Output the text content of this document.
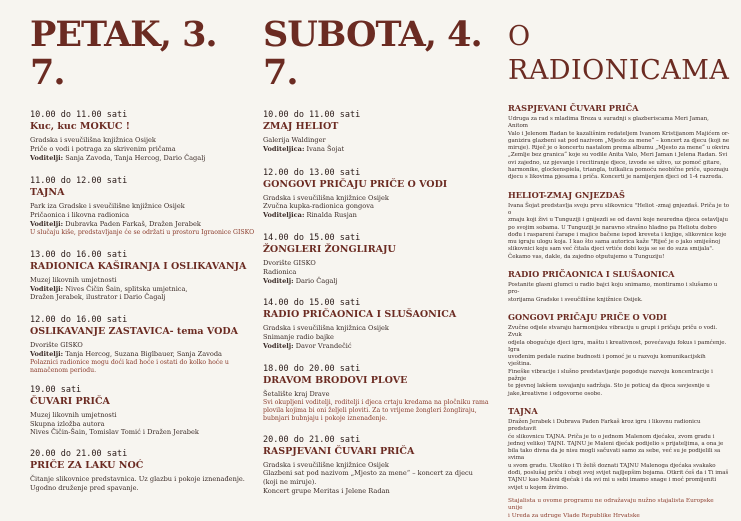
PETAK, 3. 7.

10.00 do 11.00 sati

Kuc, kuc MOKUC !

Gradska i sveučilišna knjižnica Osijek

Priče o vodi i potraga za skrivenim pričama

Voditelji: Sanja Zavoda, Tanja Hercog, Dario Čagalj

11.00 do 12.00 sati

TAJNA

Park iza Gradske i sveučilišne knjižnice Osijek

Pričaonica i likovna radionica

Voditelji: Dubravka Paden Farkaš, Dražen Jerabek

U slučaju kiše, predstavljanje će se održati u prostoru Igraonice GISKO

13.00 do 16.00 sati

RADIONICA KAŠIRANJA I OSLIKAVANJA

Muzej likovnih umjetnosti

Voditelji: Nives Čičin Šain, splitska umjetnica,

Dražen Jerabek, ilustrator i Dario Čagalj

12.00 do 16.00 sati

OSLIKAVANJE ZASTAVICA- tema VODA

Dvorište GISKO

Voditelji: Tanja Hercog, Suzana Biglbauer, Sanja Zavoda

Polaznici radionice mogu doći kad hoće i ostati do kolko hoće u namačenom periodu.

19.00 sati

ČUVARI PRIČA

Muzej likovnih umjetnosti

Skupna izložba autora

Nives Čičin-Šain, Tomislav Tomić i Dražen Jerabek

20.00 do 21.00 sati

PRIČE ZA LAKU NOĆ

Čitanje slikovnice predstavnica. Uz glazbu i pokoje iznenađenje.

Ugodno druženje pred spavanje.

SUBOTA, 4. 7.

10.00 do 11.00 sati

ZMAJ HELIOT

Galerija Waldinger

Voditeljica: Ivana Šojat

12.00 do 13.00 sati

GONGOVI PRIČAJU PRIČE O VODI

Gradska i sveučilišna knjižnice Osijek

Zvučna kupka-radionica gongova

Voditeljica: Rinalda Rusjan

14.00 do 15.00 sati

ŽONGLERI ŽONGLIRAJU

Dvorište GISKO

Radionica

Voditelj: Dario Čagalj

14.00 do 15.00 sati

RADIO PRIČAONICA I SLUŠAONICA

Gradska i sveučilišna knjižnica Osijek

Snimanje radio bajke

Voditelj: Davor Vrandečić

18.00 do 20.00 sati

DRAVOM BRODOVI PLOVE

Šetalište kraj Drave

Svi okupljeni voditelji, roditelji i djeca crtaju kredama na pločniku rama plovila kojima bi oni željeli ploviti. Za to vrijeme žongleri žongliraju, bubnjari bubnjaju i pokoje iznenađenje.

20.00 do 21.00 sati

RASPJEVANI ČUVARI PRIČA

Gradska i sveučilišne knjižnice Osijek

Glazbeni sat pod nazivom „Mjesto za mene“ – koncert za djecu

(koji ne miruje).

Koncert grupe Meritas i Jelene Radan

O RADIONICAMA

RASPJEVANI ČUVARI PRIČA

Udruga za rad s mladima Breza u suradnji s glazberiscama Meri Jaman, Anitom

Valo i Jelenom Radan te kazališnim redateljem Ivanom Kristijanom Majićem or-

ganizira glazbeni sat pod nazivom „Mjesto za mene“ – koncert za djecu (koji ne

miruje). Riječ je o koncertu nastalom prema albumu „Mjesto za mene“ u okviru

„Zemlje bez granica“ koje su vodile Anita Valo, Meri Jaman i Jelena Radan. Svi

ovi zajedno, uz pjevanje i recitiranje djece, izvode se uživo, uz pomoć gitare,

harmonike, glockenspiela, triangla, tutkalica pomoću neobične priče, upoznaju

djecu s likovima pjesama i priča. Koncerti je namijenjen djeci od 1-4 razreda.

HELIOT-ZMAJ GNJEZDAŠ

Ivana Šojat predstavlja svoju prvu slikovnicu "Heliot -zmaj gnjezdaš. Priča je to o

zmaju koji živi u Tunguziji i gnijezdi se od davni koje neuredna djeca ostavljaju

po svojim sobama. U Tunguziji je naravno strašno hladno pa Heliotu dobro

dođu i raspareni čarape i majice bačene ispod kreveta i knjige, slikovnice koje

mu igraju ulogu koja. I kao što sama autorica kaže "Riječ je o jako smiješnoj

slikovnici koju sam već čitala djeci vrtiće dobi koja se se do suza smijala".

Čekamo vas, dakle, da zajedno otputujemo u Tunguziju!

RADIO PRIČAONICA I SLUŠAONICA

Postanite glasni glumci u radio bajci koju snimamo, montiramo i slušamo u pro-

storijama Gradske i sveučilišne knjižnice Osijek.

GONGOVI PRIČAJU PRIČE O VODI

Zvučne odjele stvaraju harmonijsku vibraciju u grupi i pričaju priču o vodi. Zvuk

odjela obogućuje djeci igru, maštu i kreativnost, povećavaju fokus i pamćenje. Igra

uvođenim pedale razine budnosti i pomoć je u razvoju komunikacijskih vještina.

Fineške vibracije i slušno predstavljanje pogoduje razvoju koncentracije i pažnje

te pjevnoj lakšem usvajanju sadržaja. Sto je poticaj da djeca savjesnije u

jake,kreativne i odgovorne osobe.

TAJNA

Dražen Jerabek i Dubrava Paden Farkaš kroz igru i likovnu radionicu predstavit

će slikovnicu TAJNA. Priča je to o jednom Malenom djećaku, zvom gradu i

jednoj veliko) TAJNI. TAJNU je Maleni djećak podijelio s prijateljima, a ona je

bila tako divna da je nisu mogli sačuvati samo za sebe, već su je podijelili sa svima

u svom gradu. Ukoliko i Ti želiš doznati TAJNU Malenoga djećaka svakako

dođi, poslušaj priču i oboji svoj svijet najljepšim bojama. Otkrit ćeš da i Ti imaš

TAJNU kao Maleni djećak i da svi mi u sebi imamo snage i moć promijeniti

svijet u kojem živimo.

Stajalista u ovome programu ne odražavaju nužno stajalista Europske unije

i Ureda za udruge Vlade Republike Hrvatske
